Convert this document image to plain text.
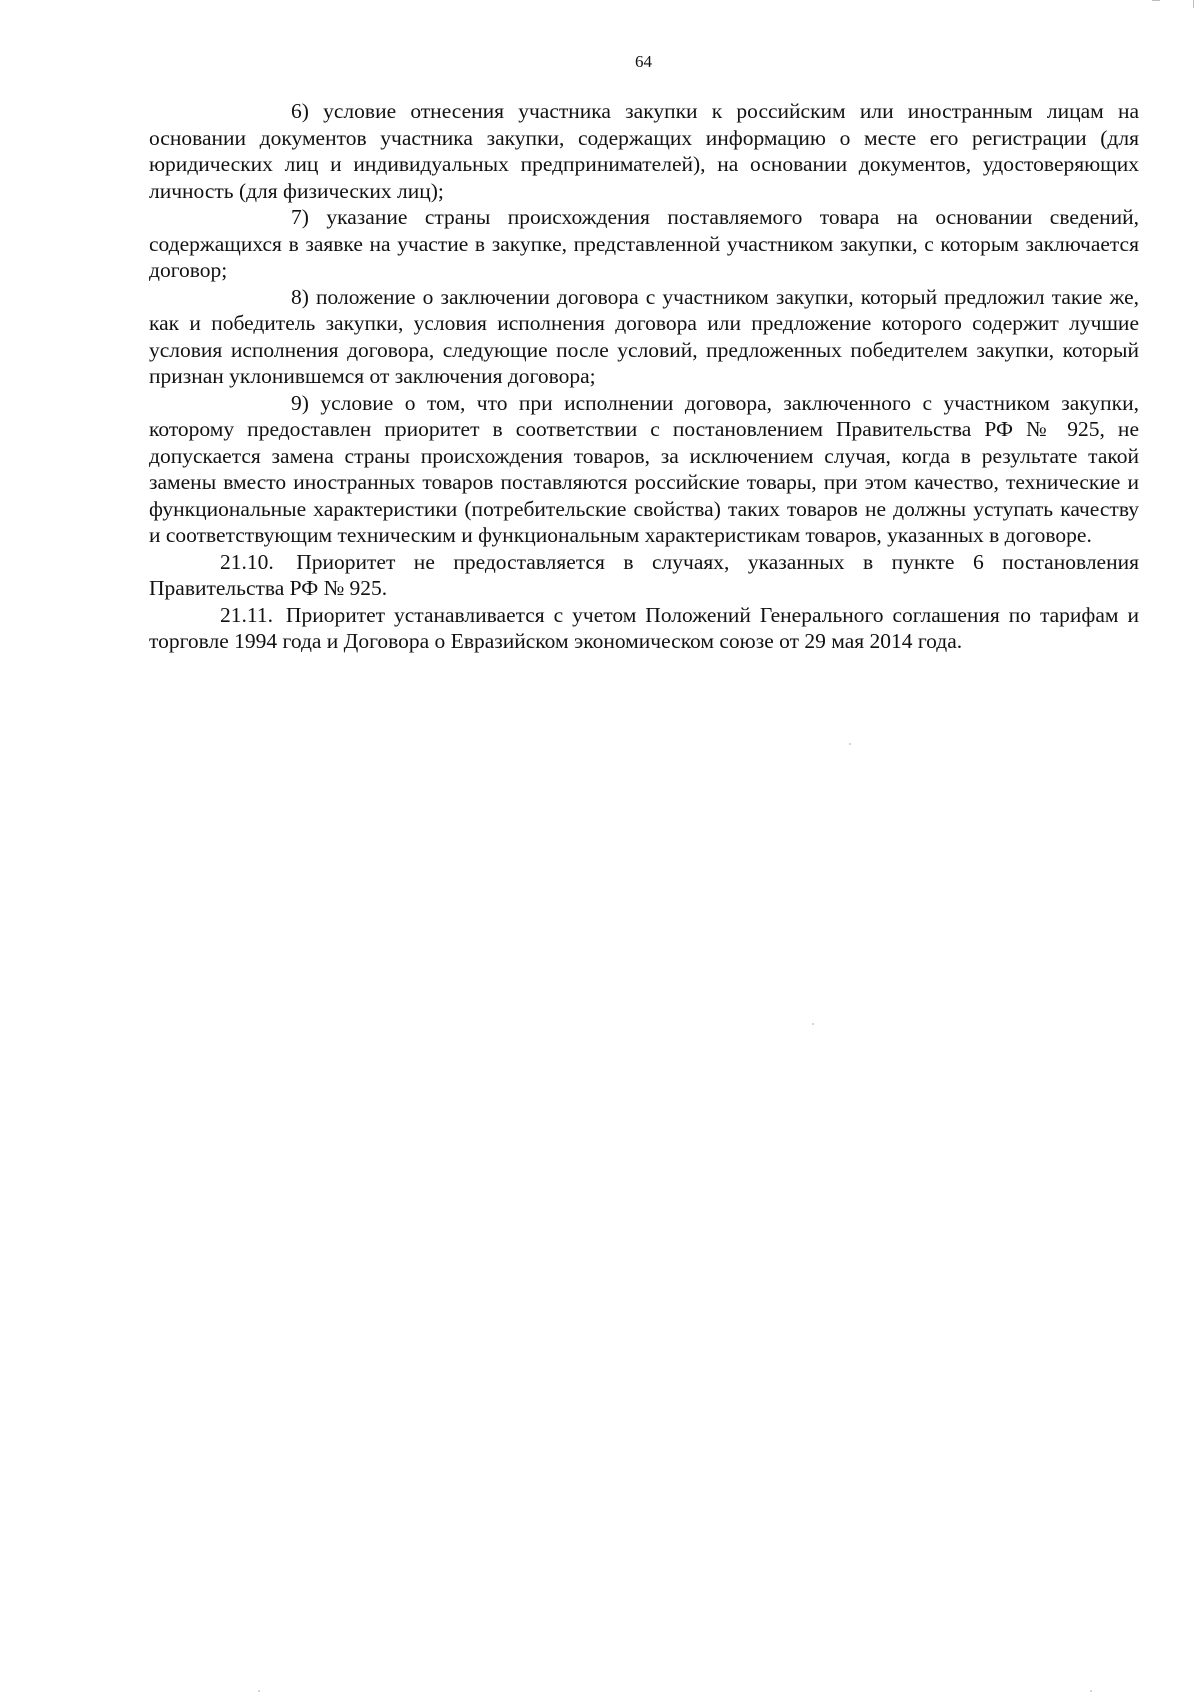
64

6) условие отнесения участника закупки к российским или иностранным лицам на основании документов участника закупки, содержащих информацию о месте его регистрации (для юридических лиц и индивидуальных предпринимателей), на основании документов, удостоверяющих личность (для физических лиц);

7) указание страны происхождения поставляемого товара на основании сведений, содержащихся в заявке на участие в закупке, представленной участником закупки, с которым заключается договор;

8) положение о заключении договора с участником закупки, который предложил такие же, как и победитель закупки, условия исполнения договора или предложение которого содержит лучшие условия исполнения договора, следующие после условий, предложенных победителем закупки, который признан уклонившемся от заключения договора;

9) условие о том, что при исполнении договора, заключенного с участником закупки, которому предоставлен приоритет в соответствии с постановлением Правительства РФ № 925, не допускается замена страны происхождения товаров, за исключением случая, когда в результате такой замены вместо иностранных товаров поставляются российские товары, при этом качество, технические и функциональные характеристики (потребительские свойства) таких товаров не должны уступать качеству и соответствующим техническим и функциональным характеристикам товаров, указанных в договоре.

21.10. Приоритет не предоставляется в случаях, указанных в пункте 6 постановления Правительства РФ № 925.

21.11. Приоритет устанавливается с учетом Положений Генерального соглашения по тарифам и торговле 1994 года и Договора о Евразийском экономическом союзе от 29 мая 2014 года.
